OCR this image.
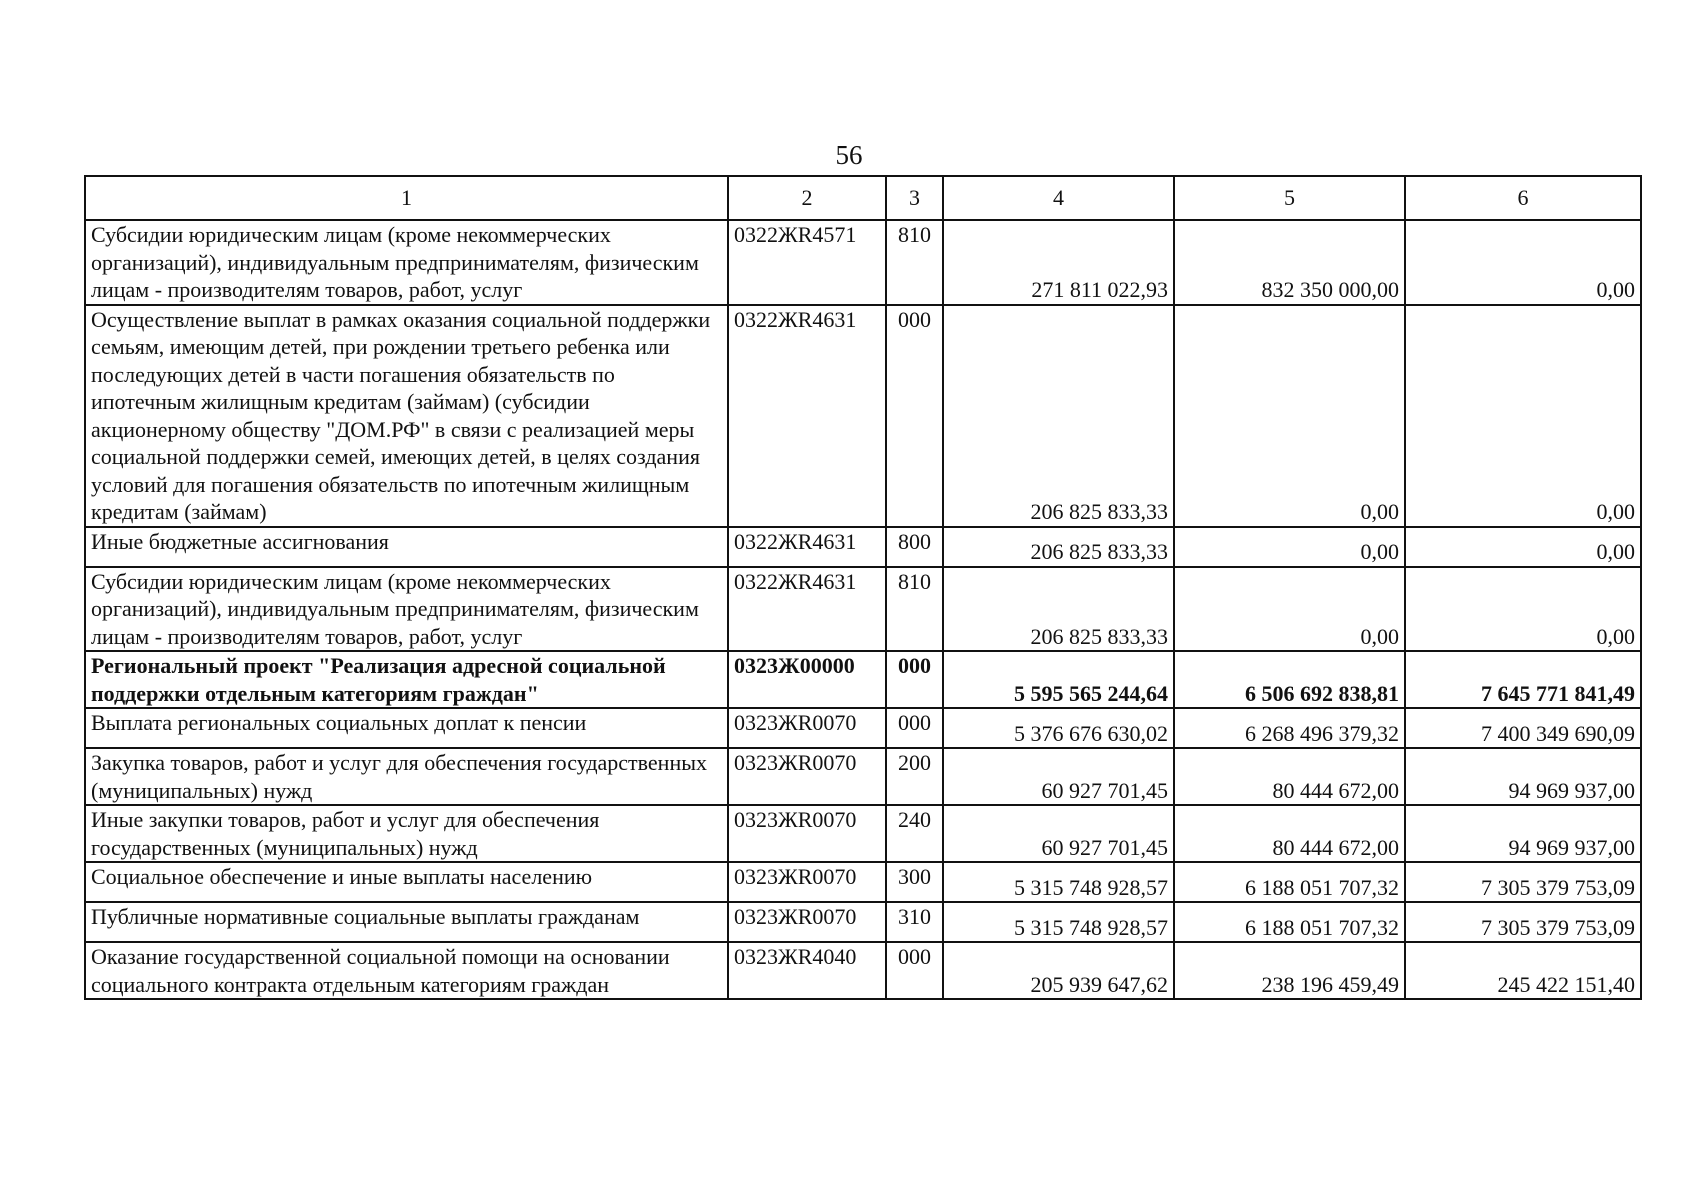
56
1	2	3	4	5	6
Субсидии юридическим лицам (кроме некоммерческих организаций), индивидуальным предпринимателям, физическим лицам - производителям товаров, работ, услуг	0322ЖR4571	810	271 811 022,93	832 350 000,00	0,00
Осуществление выплат в рамках оказания социальной поддержки семьям, имеющим детей, при рождении третьего ребенка или последующих детей в части погашения обязательств по ипотечным жилищным кредитам (займам) (субсидии акционерному обществу "ДОМ.РФ" в связи с реализацией меры социальной поддержки семей, имеющих детей, в целях создания условий для погашения обязательств по ипотечным жилищным кредитам (займам)	0322ЖR4631	000	206 825 833,33	0,00	0,00
Иные бюджетные ассигнования	0322ЖR4631	800	206 825 833,33	0,00	0,00
Субсидии юридическим лицам (кроме некоммерческих организаций), индивидуальным предпринимателям, физическим лицам - производителям товаров, работ, услуг	0322ЖR4631	810	206 825 833,33	0,00	0,00
Региональный проект "Реализация адресной социальной поддержки отдельным категориям граждан"	0323Ж00000	000	5 595 565 244,64	6 506 692 838,81	7 645 771 841,49
Выплата региональных социальных доплат к пенсии	0323ЖR0070	000	5 376 676 630,02	6 268 496 379,32	7 400 349 690,09
Закупка товаров, работ и услуг для обеспечения государственных (муниципальных) нужд	0323ЖR0070	200	60 927 701,45	80 444 672,00	94 969 937,00
Иные закупки товаров, работ и услуг для обеспечения государственных (муниципальных) нужд	0323ЖR0070	240	60 927 701,45	80 444 672,00	94 969 937,00
Социальное обеспечение и иные выплаты населению	0323ЖR0070	300	5 315 748 928,57	6 188 051 707,32	7 305 379 753,09
Публичные нормативные социальные выплаты гражданам	0323ЖR0070	310	5 315 748 928,57	6 188 051 707,32	7 305 379 753,09
Оказание государственной социальной помощи на основании социального контракта отдельным категориям граждан	0323ЖR4040	000	205 939 647,62	238 196 459,49	245 422 151,40
